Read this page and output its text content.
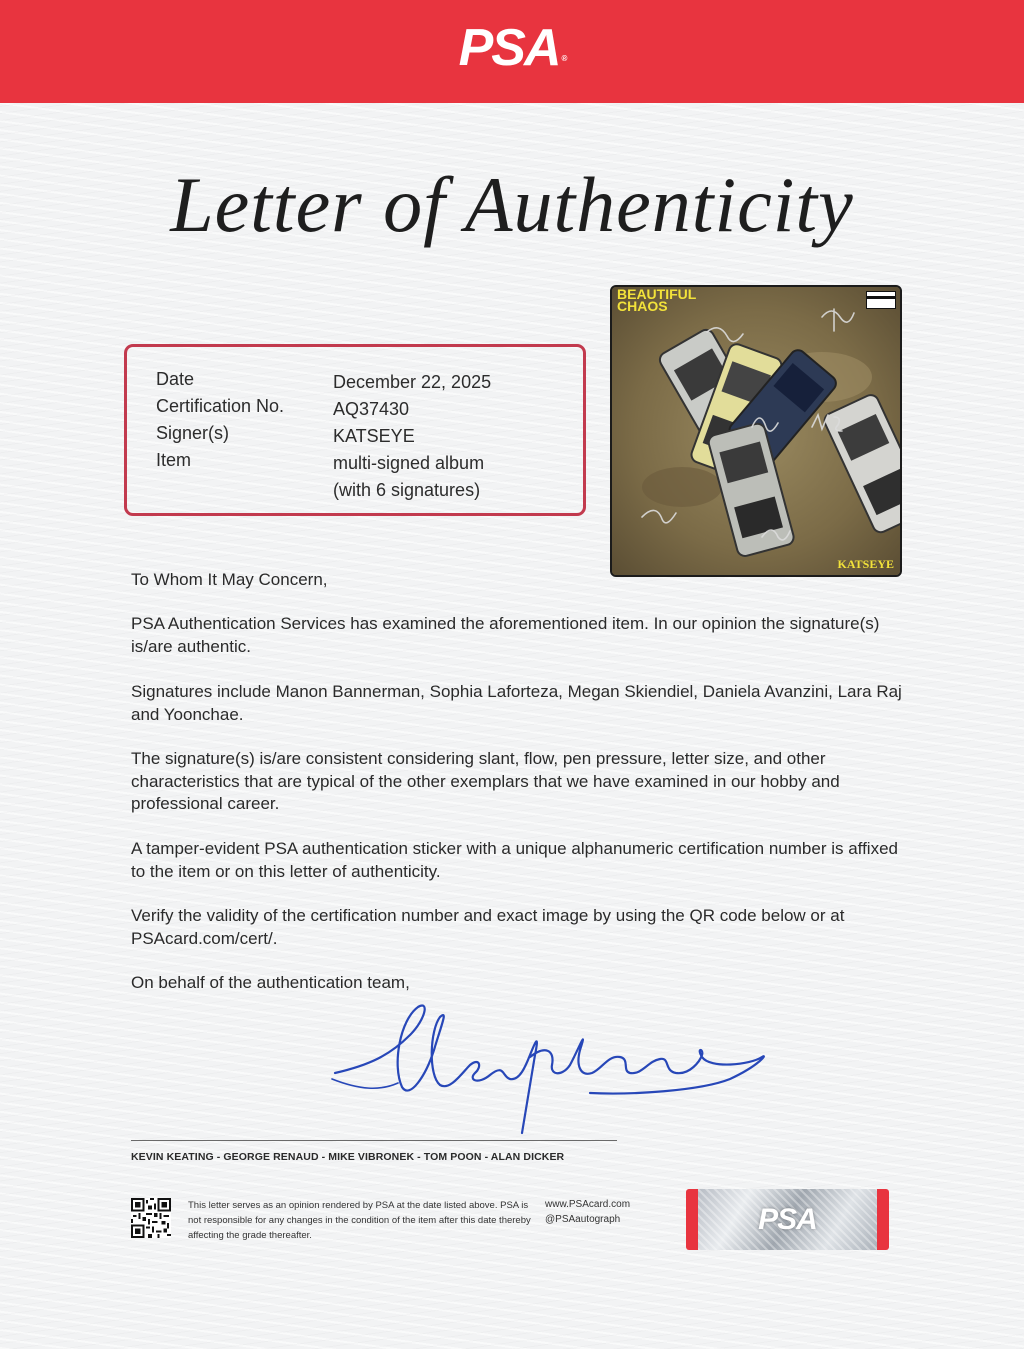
PSA ®
Letter of Authenticity
Date	December 22, 2025
Certification No.	AQ37430
Signer(s)	KATSEYE
Item	multi-signed album
(with 6 signatures)
BEAUTIFUL
CHAOS
KATSEYE
To Whom It May Concern,
PSA Authentication Services has examined the aforementioned item. In our opinion the signature(s) is/are authentic.
Signatures include Manon Bannerman, Sophia Laforteza, Megan Skiendiel, Daniela Avanzini, Lara Raj and Yoonchae.
The signature(s) is/are consistent considering slant, flow, pen pressure, letter size, and other characteristics that are typical of the other exemplars that we have examined in our hobby and professional career.
A tamper-evident PSA authentication sticker with a unique alphanumeric certification number is affixed to the item or on this letter of authenticity.
Verify the validity of the certification number and exact image by using the QR code below or at PSAcard.com/cert/.
On behalf of the authentication team,
KEVIN KEATING - GEORGE RENAUD - MIKE VIBRONEK - TOM POON - ALAN DICKER
This letter serves as an opinion rendered by PSA at the date listed above. PSA is not responsible for any changes in the condition of the item after this date thereby affecting the grade thereafter.
www.PSAcard.com
@PSAautograph	PSA
